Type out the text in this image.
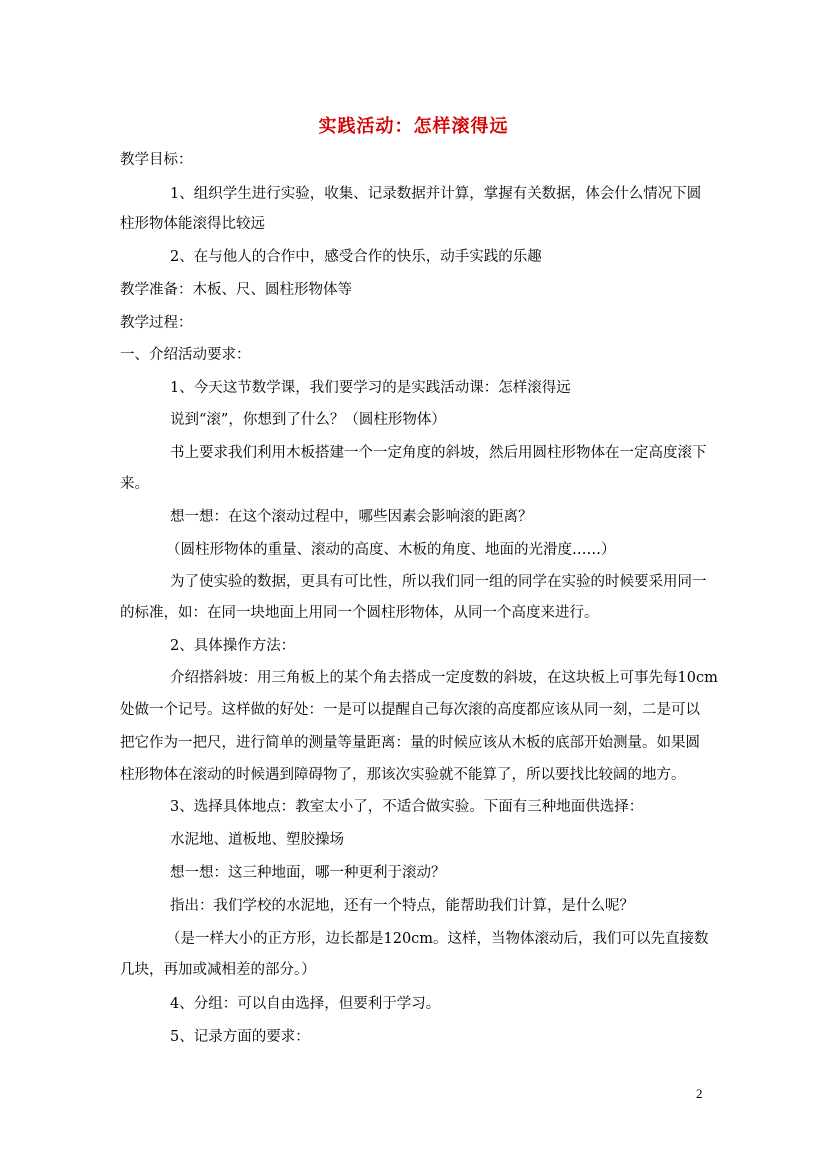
实践活动：怎样滚得远
教学目标：
1、组织学生进行实验，收集、记录数据并计算，掌握有关数据，体会什么情况下圆
柱形物体能滚得比较远
2、在与他人的合作中，感受合作的快乐，动手实践的乐趣
教学准备：木板、尺、圆柱形物体等
教学过程：
一、介绍活动要求：
1、今天这节数学课，我们要学习的是实践活动课：怎样滚得远
说到“滚”，你想到了什么？（圆柱形物体）
书上要求我们利用木板搭建一个一定角度的斜坡，然后用圆柱形物体在一定高度滚下
来。
想一想：在这个滚动过程中，哪些因素会影响滚的距离？
（圆柱形物体的重量、滚动的高度、木板的角度、地面的光滑度……）
为了使实验的数据，更具有可比性，所以我们同一组的同学在实验的时候要采用同一
的标准，如：在同一块地面上用同一个圆柱形物体，从同一个高度来进行。
2、具体操作方法：
介绍搭斜坡：用三角板上的某个角去搭成一定度数的斜坡，在这块板上可事先每10cm
处做一个记号。这样做的好处：一是可以提醒自己每次滚的高度都应该从同一刻，二是可以
把它作为一把尺，进行简单的测量等量距离：量的时候应该从木板的底部开始测量。如果圆
柱形物体在滚动的时候遇到障碍物了，那该次实验就不能算了，所以要找比较阔的地方。
3、选择具体地点：教室太小了，不适合做实验。下面有三种地面供选择：
水泥地、道板地、塑胶操场
想一想：这三种地面，哪一种更利于滚动？
指出：我们学校的水泥地，还有一个特点，能帮助我们计算，是什么呢？
（是一样大小的正方形，边长都是120cm。这样，当物体滚动后，我们可以先直接数
几块，再加或减相差的部分。）
4、分组：可以自由选择，但要利于学习。
5、记录方面的要求：
2
